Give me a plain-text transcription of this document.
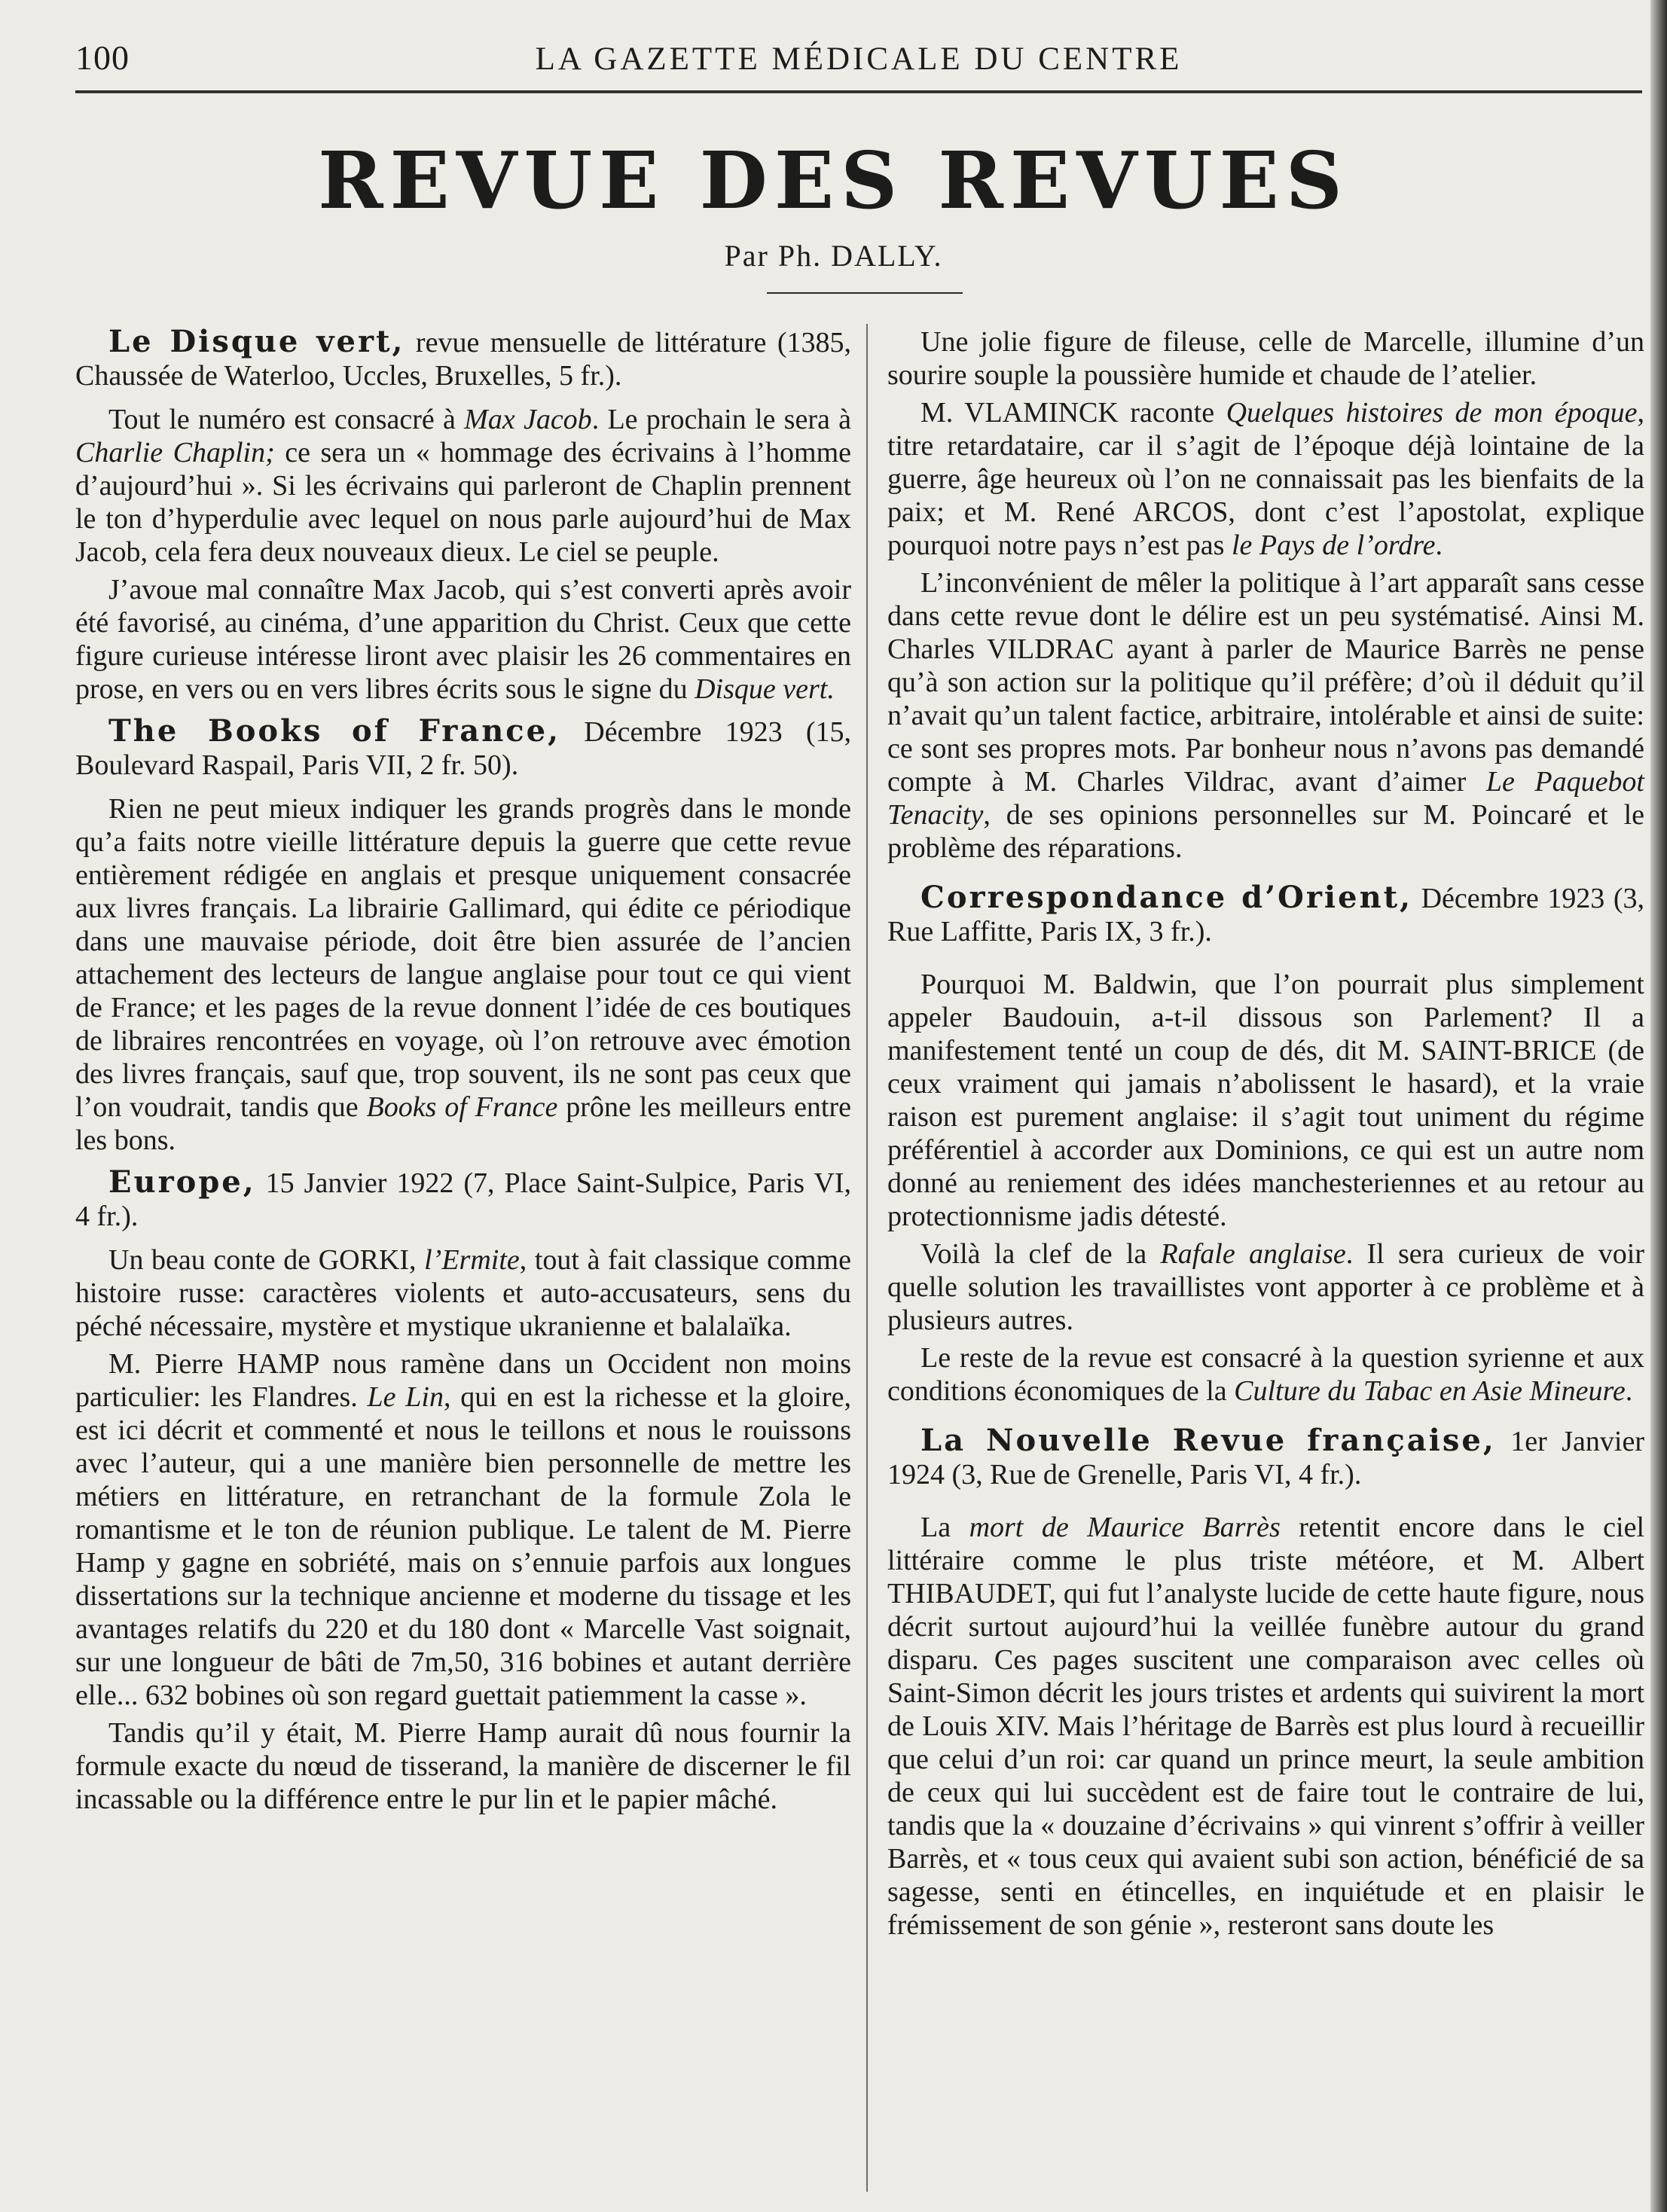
100	LA GAZETTE MÉDICALE DU CENTRE
REVUE DES REVUES
Par Ph. DALLY.

Le Disque vert, revue mensuelle de littérature (1385, Chaussée de Waterloo, Uccles, Bruxelles, 5 fr.).

Tout le numéro est consacré à Max Jacob. Le prochain le sera à Charlie Chaplin; ce sera un « hommage des écrivains à l’homme d’aujourd’hui ». Si les écrivains qui parleront de Chaplin prennent le ton d’hyperdulie avec lequel on nous parle aujourd’hui de Max Jacob, cela fera deux nouveaux dieux. Le ciel se peuple.

J’avoue mal connaître Max Jacob, qui s’est converti après avoir été favorisé, au cinéma, d’une apparition du Christ. Ceux que cette figure curieuse intéresse liront avec plaisir les 26 commentaires en prose, en vers ou en vers libres écrits sous le signe du Disque vert.

The Books of France, Décembre 1923 (15, Boulevard Raspail, Paris VII, 2 fr. 50).

Rien ne peut mieux indiquer les grands progrès dans le monde qu’a faits notre vieille littérature depuis la guerre que cette revue entièrement rédigée en anglais et presque uniquement consacrée aux livres français. La librairie Gallimard, qui édite ce périodique dans une mauvaise période, doit être bien assurée de l’ancien attachement des lecteurs de langue anglaise pour tout ce qui vient de France; et les pages de la revue donnent l’idée de ces boutiques de libraires rencontrées en voyage, où l’on retrouve avec émotion des livres français, sauf que, trop souvent, ils ne sont pas ceux que l’on voudrait, tandis que Books of France prône les meilleurs entre les bons.

Europe, 15 Janvier 1922 (7, Place Saint-Sulpice, Paris VI, 4 fr.).

Un beau conte de GORKI, l’Ermite, tout à fait classique comme histoire russe: caractères violents et auto-accusateurs, sens du péché nécessaire, mystère et mystique ukranienne et balalaïka.

M. Pierre HAMP nous ramène dans un Occident non moins particulier: les Flandres. Le Lin, qui en est la richesse et la gloire, est ici décrit et commenté et nous le teillons et nous le rouissons avec l’auteur, qui a une manière bien personnelle de mettre les métiers en littérature, en retranchant de la formule Zola le romantisme et le ton de réunion publique. Le talent de M. Pierre Hamp y gagne en sobriété, mais on s’ennuie parfois aux longues dissertations sur la technique ancienne et moderne du tissage et les avantages relatifs du 220 et du 180 dont « Marcelle Vast soignait, sur une longueur de bâti de 7m,50, 316 bobines et autant derrière elle... 632 bobines où son regard guettait patiemment la casse ».

Tandis qu’il y était, M. Pierre Hamp aurait dû nous fournir la formule exacte du nœud de tisserand, la manière de discerner le fil incassable ou la différence entre le pur lin et le papier mâché.

Une jolie figure de fileuse, celle de Marcelle, illumine d’un sourire souple la poussière humide et chaude de l’atelier.

M. VLAMINCK raconte Quelques histoires de mon époque, titre retardataire, car il s’agit de l’époque déjà lointaine de la guerre, âge heureux où l’on ne connaissait pas les bienfaits de la paix; et M. René ARCOS, dont c’est l’apostolat, explique pourquoi notre pays n’est pas le Pays de l’ordre.

L’inconvénient de mêler la politique à l’art apparaît sans cesse dans cette revue dont le délire est un peu systématisé. Ainsi M. Charles VILDRAC ayant à parler de Maurice Barrès ne pense qu’à son action sur la politique qu’il préfère; d’où il déduit qu’il n’avait qu’un talent factice, arbitraire, intolérable et ainsi de suite: ce sont ses propres mots. Par bonheur nous n’avons pas demandé compte à M. Charles Vildrac, avant d’aimer Le Paquebot Tenacity, de ses opinions personnelles sur M. Poincaré et le problème des réparations.

Correspondance d’Orient, Décembre 1923 (3, Rue Laffitte, Paris IX, 3 fr.).

Pourquoi M. Baldwin, que l’on pourrait plus simplement appeler Baudouin, a-t-il dissous son Parlement? Il a manifestement tenté un coup de dés, dit M. SAINT-BRICE (de ceux vraiment qui jamais n’abolissent le hasard), et la vraie raison est purement anglaise: il s’agit tout uniment du régime préférentiel à accorder aux Dominions, ce qui est un autre nom donné au reniement des idées manchesteriennes et au retour au protectionnisme jadis détesté.

Voilà la clef de la Rafale anglaise. Il sera curieux de voir quelle solution les travaillistes vont apporter à ce problème et à plusieurs autres.

Le reste de la revue est consacré à la question syrienne et aux conditions économiques de la Culture du Tabac en Asie Mineure.

La Nouvelle Revue française, 1er Janvier 1924 (3, Rue de Grenelle, Paris VI, 4 fr.).

La mort de Maurice Barrès retentit encore dans le ciel littéraire comme le plus triste météore, et M. Albert THIBAUDET, qui fut l’analyste lucide de cette haute figure, nous décrit surtout aujourd’hui la veillée funèbre autour du grand disparu. Ces pages suscitent une comparaison avec celles où Saint-Simon décrit les jours tristes et ardents qui suivirent la mort de Louis XIV. Mais l’héritage de Barrès est plus lourd à recueillir que celui d’un roi: car quand un prince meurt, la seule ambition de ceux qui lui succèdent est de faire tout le contraire de lui, tandis que la « douzaine d’écrivains » qui vinrent s’offrir à veiller Barrès, et « tous ceux qui avaient subi son action, bénéficié de sa sagesse, senti en étincelles, en inquiétude et en plaisir le frémissement de son génie », resteront sans doute les
